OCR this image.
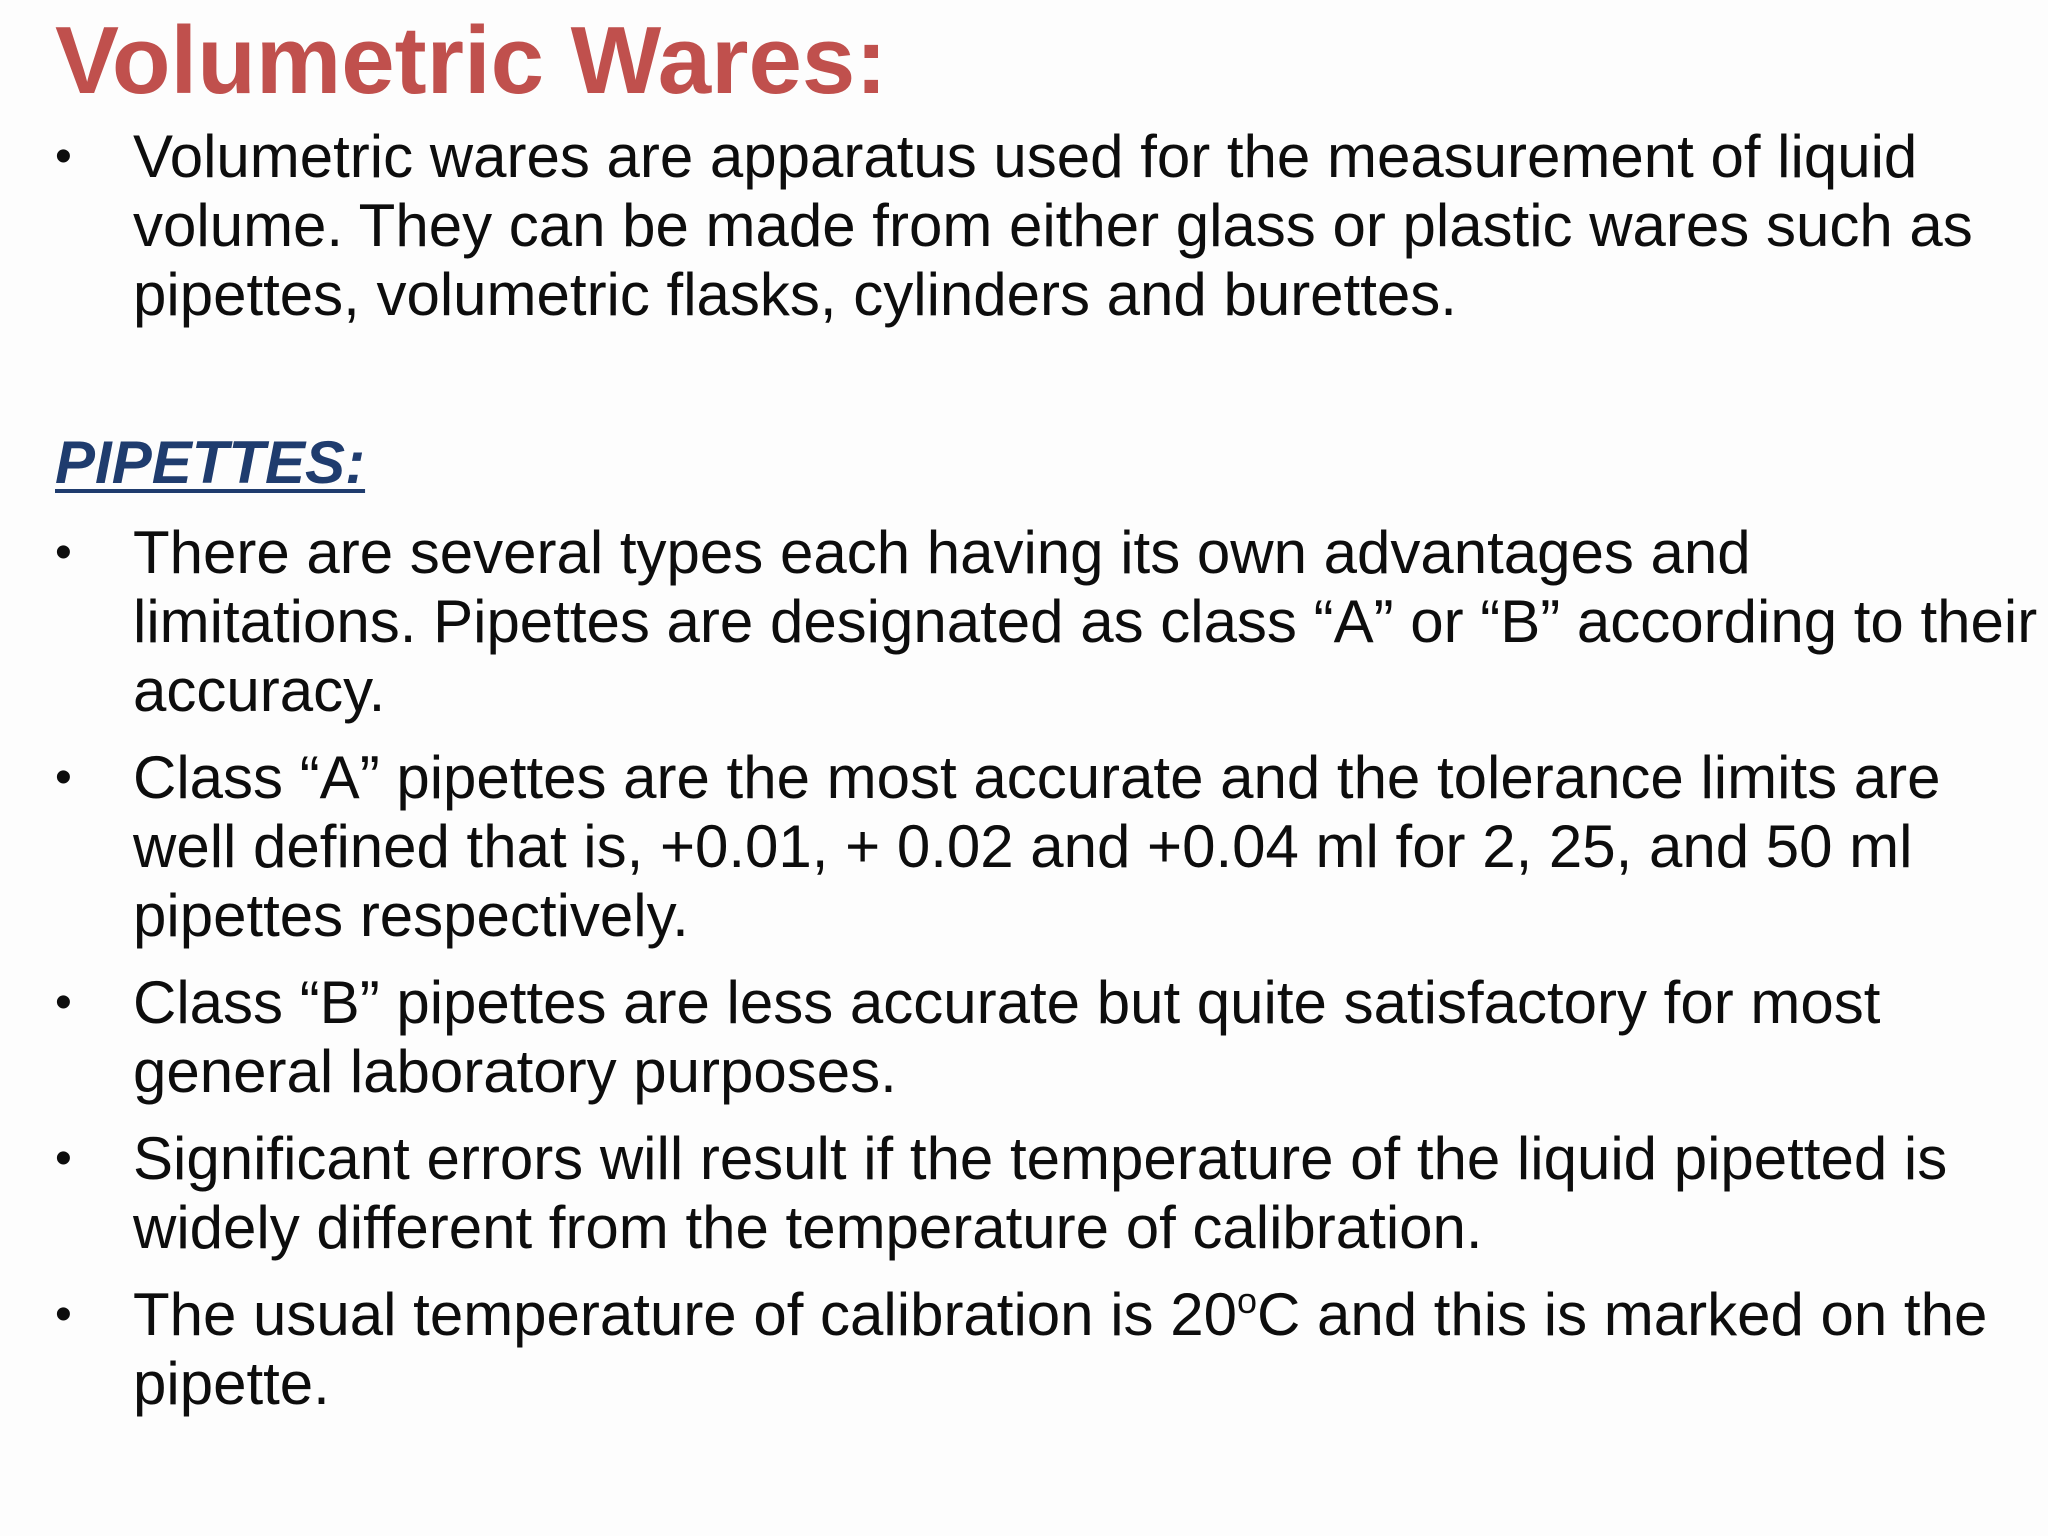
Volumetric Wares:
•	Volumetric wares are apparatus used for the measurement of liquid volume. They can be made from either glass or plastic wares such as pipettes, volumetric flasks, cylinders and burettes.
PIPETTES:
•	There are several types each having its own advantages and limitations. Pipettes are designated as class “A” or “B” according to their accuracy.
•	Class “A” pipettes are the most accurate and the tolerance limits are well defined that is, +0.01, + 0.02 and +0.04 ml for 2, 25, and 50 ml pipettes respectively.
•	Class “B” pipettes are less accurate but quite satisfactory for most general laboratory purposes.
•	Significant errors will result if the temperature of the liquid pipetted is widely different from the temperature of calibration.
•	The usual temperature of calibration is 20$^o$C and this is marked on the pipette.
